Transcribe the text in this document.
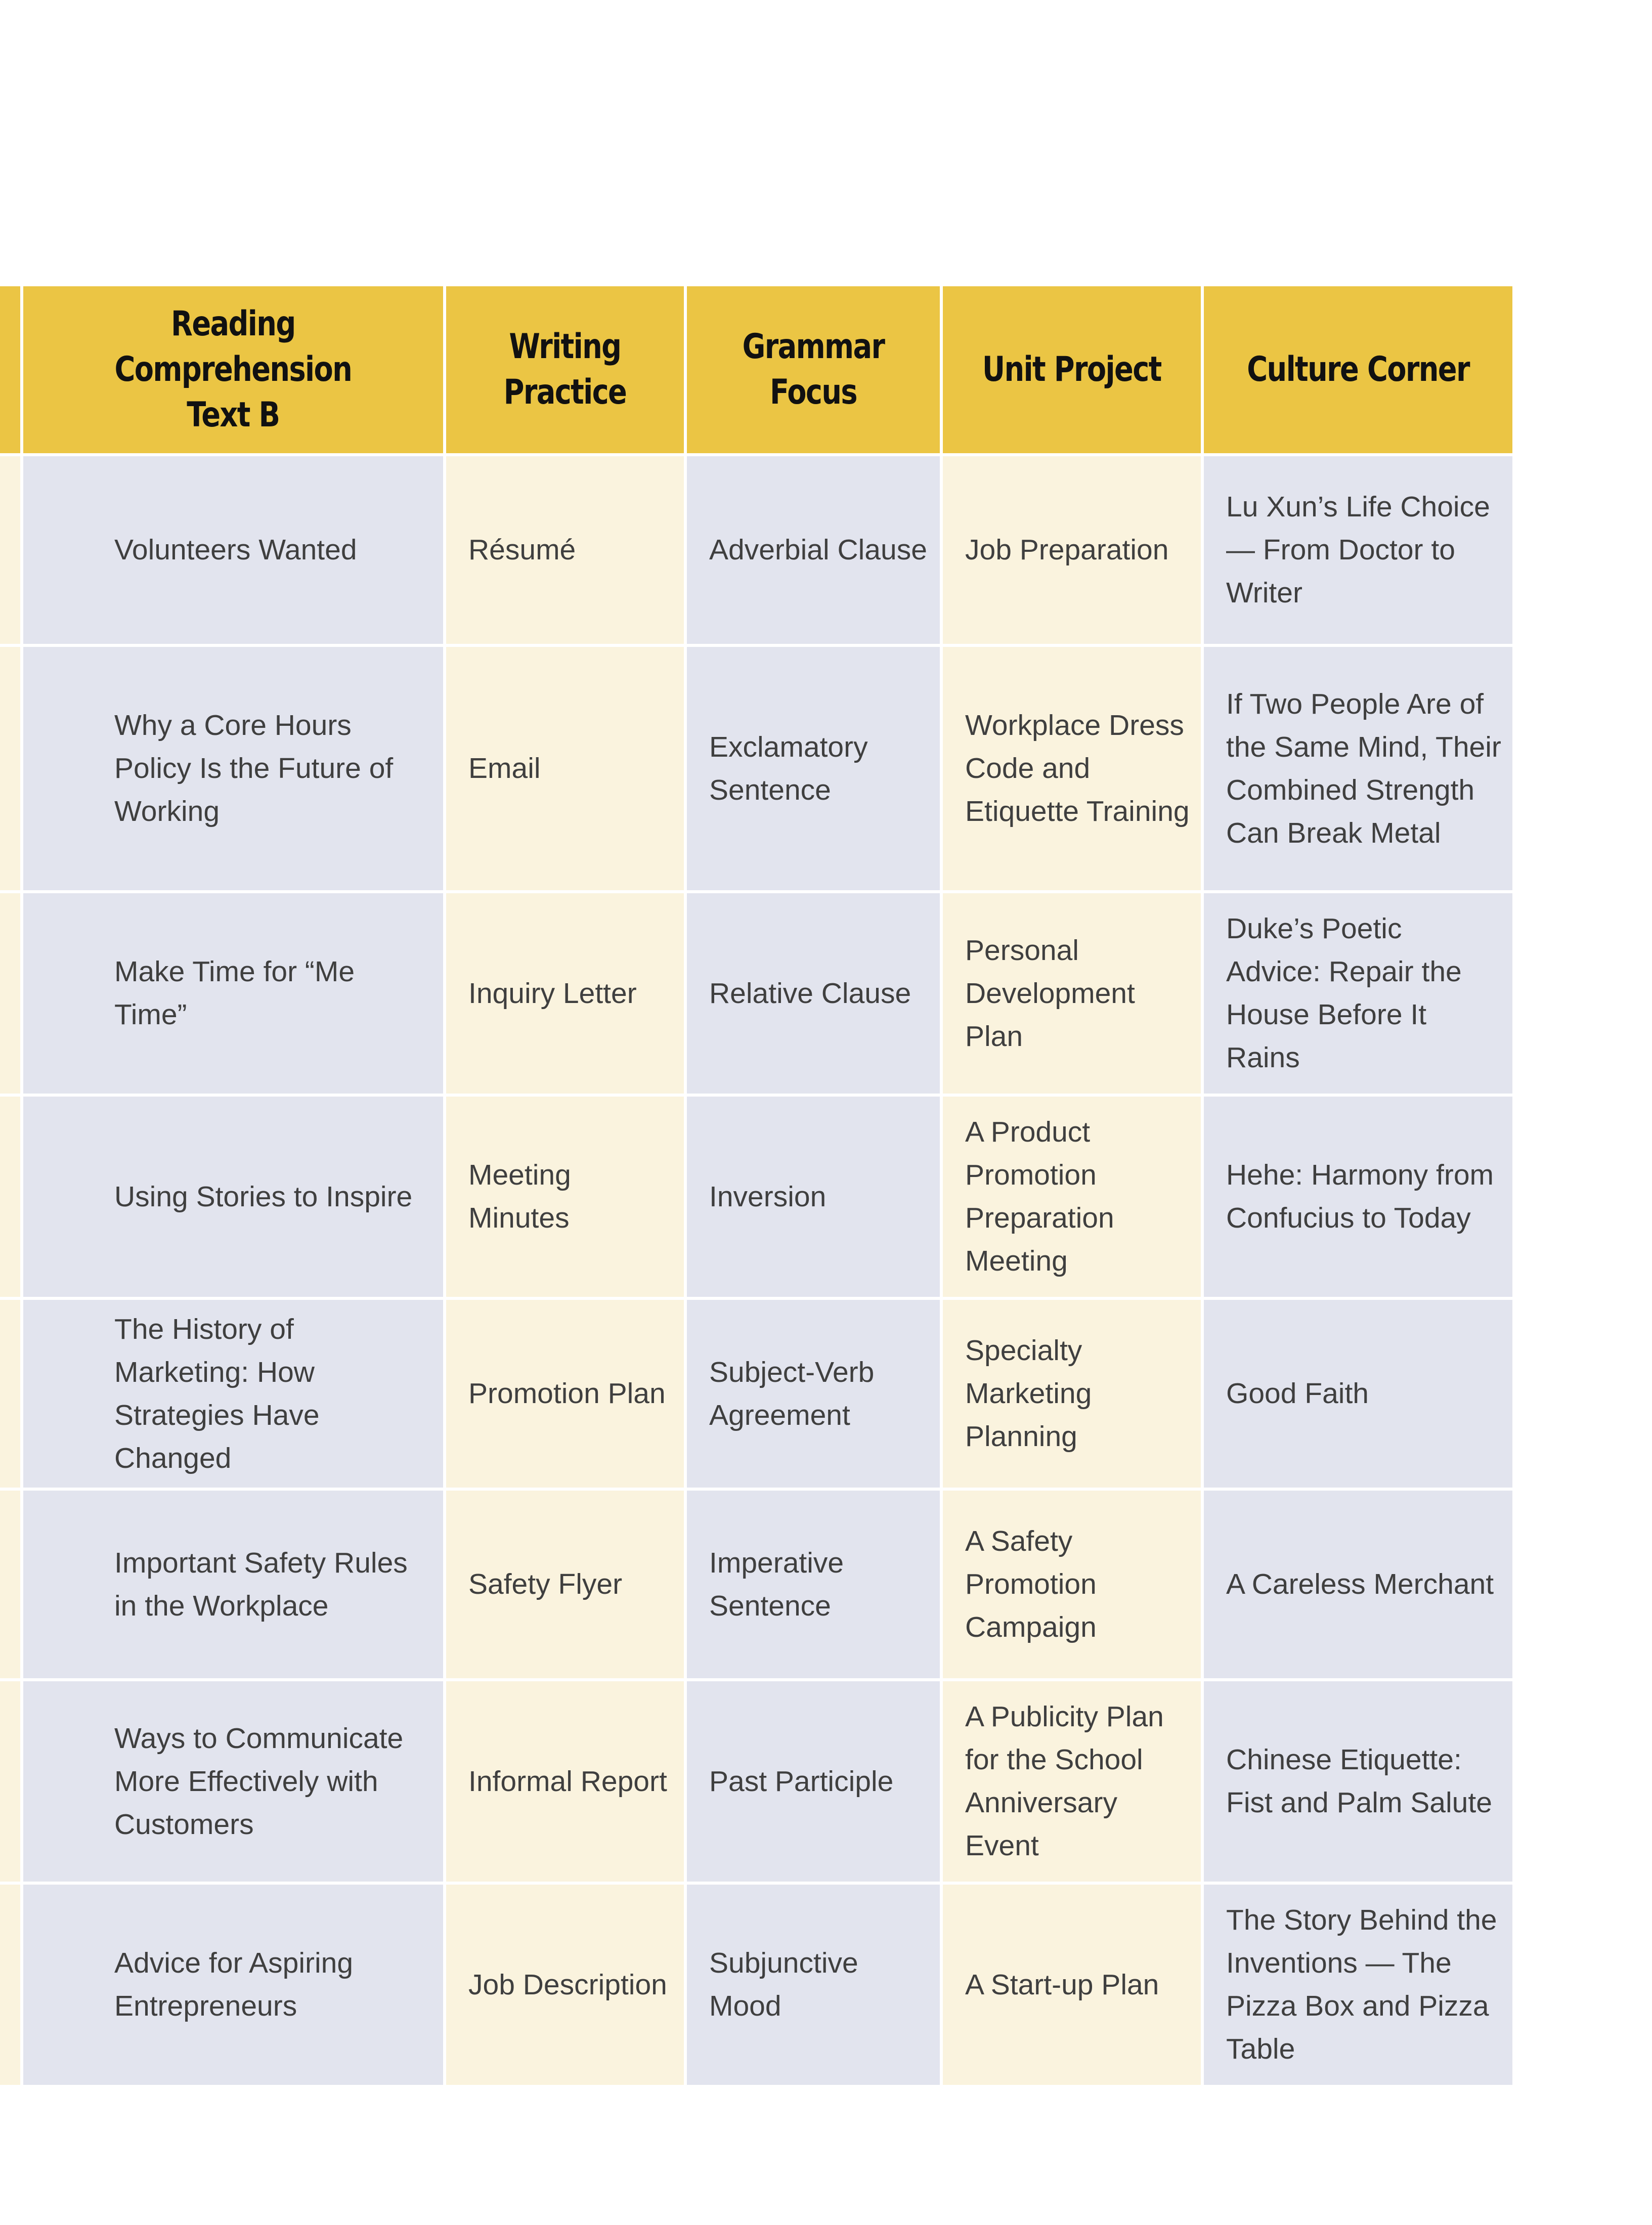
	Reading
Comprehension
Text B	Writing
Practice	Grammar Focus	Unit Project	Culture Corner
	Volunteers Wanted	Résumé	Adverbial Clause	Job Preparation	Lu Xun’s Life Choice — From Doctor to Writer
	Why a Core Hours Policy Is the Future of Working	Email	Exclamatory Sentence	Workplace Dress Code and Etiquette Training	If Two People Are of the Same Mind, Their Combined Strength Can Break Metal
	Make Time for “Me Time”	Inquiry Letter	Relative Clause	Personal Development Plan	Duke’s Poetic Advice: Repair the House Before It Rains
	Using Stories to Inspire	Meeting Minutes	Inversion	A Product Promotion Preparation Meeting	Hehe: Harmony from Confucius to Today
	The History of Marketing: How Strategies Have Changed	Promotion Plan	Subject-Verb Agreement	Specialty Marketing Planning	Good Faith
	Important Safety Rules in the Workplace	Safety Flyer	Imperative Sentence	A Safety Promotion Campaign	A Careless Merchant
	Ways to Communicate More Effectively with Customers	Informal Report	Past Participle	A Publicity Plan for the School Anniversary Event	Chinese Etiquette: Fist and Palm Salute
	Advice for Aspiring Entrepreneurs	Job Description	Subjunctive Mood	A Start-up Plan	The Story Behind the Inventions — The Pizza Box and Pizza Table
